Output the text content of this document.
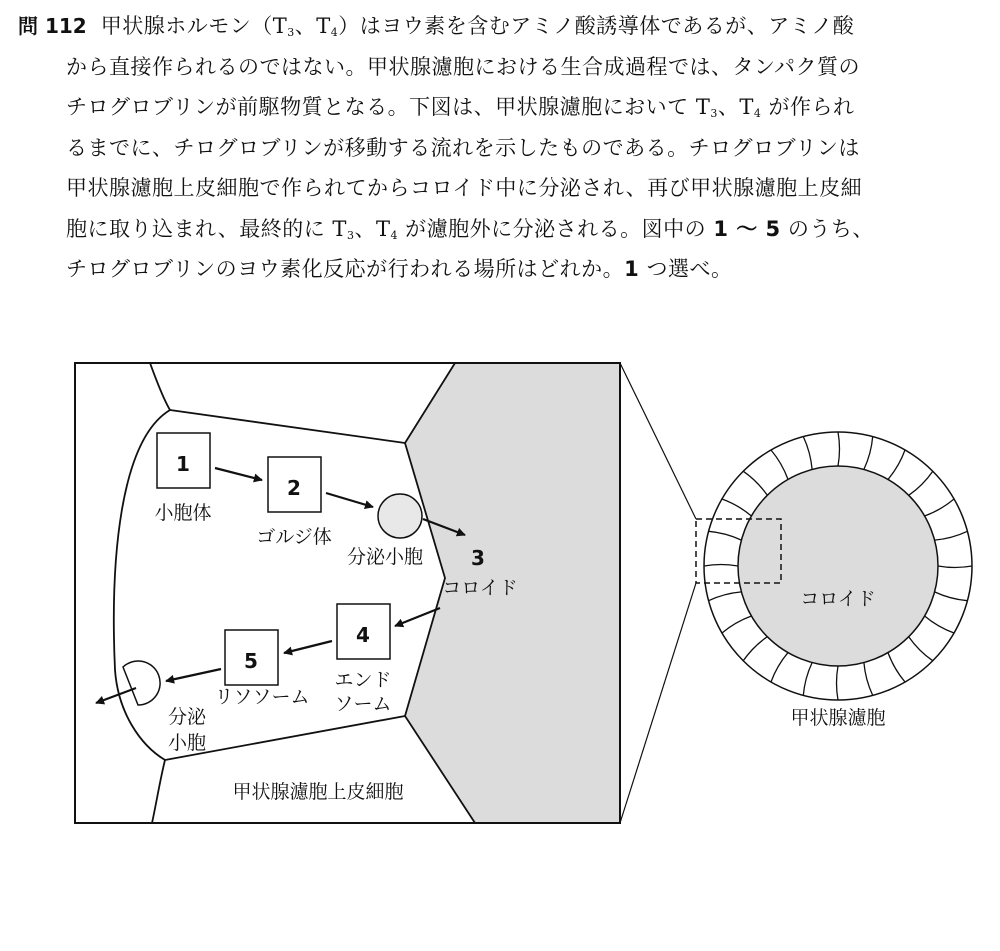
問 112 甲状腺ホルモン（$T_3$、$T_4$）はヨウ素を含むアミノ酸誘導体であるが、アミノ酸
から直接作られるのではない。甲状腺濾胞における生合成過程では、タンパク質の
チログロブリンが前駆物質となる。下図は、甲状腺濾胞において $T_3$、$T_4$ が作られ
るまでに、チログロブリンが移動する流れを示したものである。チログロブリンは
甲状腺濾胞上皮細胞で作られてからコロイド中に分泌され、再び甲状腺濾胞上皮細
胞に取り込まれ、最終的に $T_3$、$T_4$ が濾胞外に分泌される。図中の 1 〜 5 のうち、
チログロブリンのヨウ素化反応が行われる場所はどれか。1 つ選べ。
1
小胞体
2
ゴルジ体
分泌小胞 3
コロイド
4
エンド
ソーム
5
リソソーム
分泌
小胞
甲状腺濾胞上皮細胞
コロイド
甲状腺濾胞
